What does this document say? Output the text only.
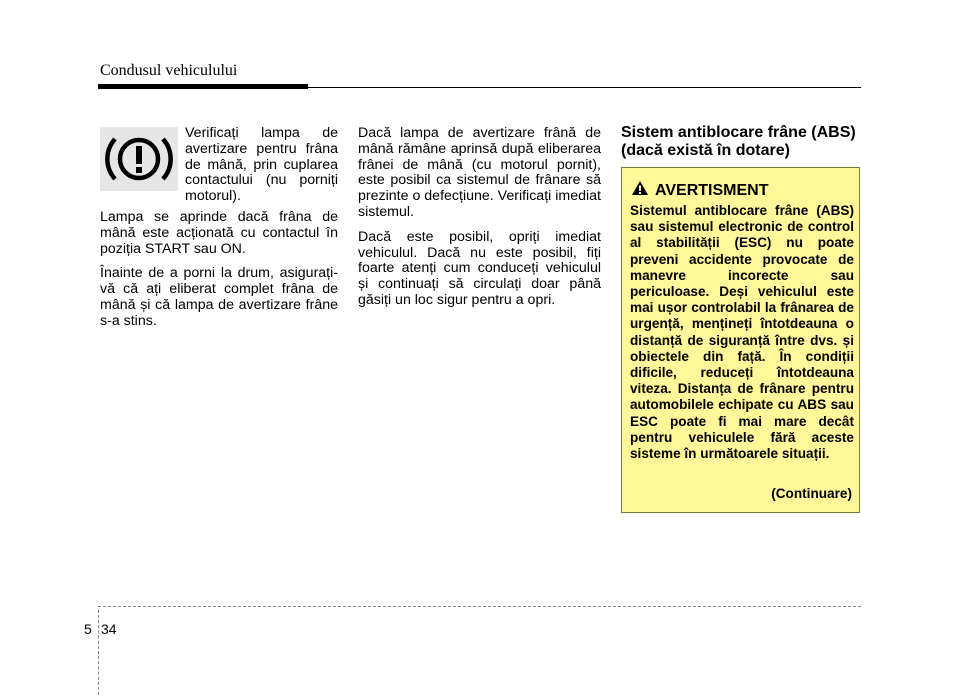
Condusul vehiculului

Verificați lampa de avertizare pentru frâna de mână, prin cuplarea contactului (nu porniți motorul).

Lampa se aprinde dacă frâna de mână este acționată cu contactul în poziția START sau ON.

Înainte de a porni la drum, asigurați-vă că ați eliberat complet frâna de mână și că lampa de avertizare frâne s-a stins.

Dacă lampa de avertizare frână de mână rămâne aprinsă după eliberarea frânei de mână (cu motorul pornit), este posibil ca sistemul de frânare să prezinte o defecțiune. Verificați imediat sistemul.

Dacă este posibil, opriți imediat vehiculul. Dacă nu este posibil, fiți foarte atenți cum conduceți vehiculul și continuați să circulați doar până găsiți un loc sigur pentru a opri.

Sistem antiblocare frâne (ABS)
(dacă există în dotare)
AVERTISMENT
Sistemul antiblocare frâne (ABS) sau sistemul electronic de control al stabilității (ESC) nu poate preveni accidente provocate de manevre incorecte sau periculoase. Deși vehiculul este mai ușor controlabil la frânarea de urgență, mențineți întotdeauna o distanță de siguranță între dvs. și obiectele din față. În condiții dificile, reduceți întotdeauna viteza. Distanța de frânare pentru automobilele echipate cu ABS sau ESC poate fi mai mare decât pentru vehiculele fără aceste sisteme în următoarele situații.
(Continuare)
5 34
